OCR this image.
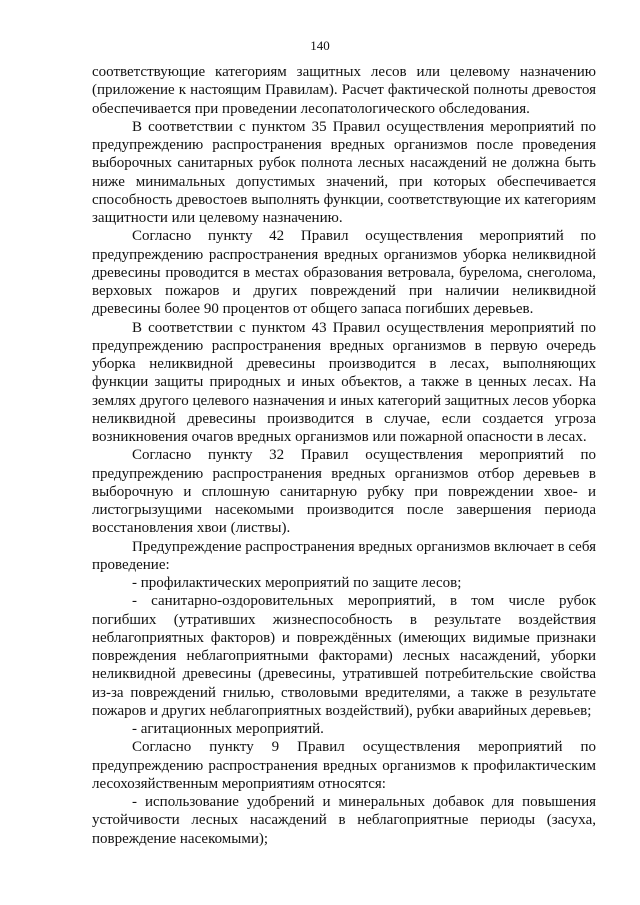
140

соответствующие категориям защитных лесов или целевому назначению (приложение к настоящим Правилам). Расчет фактической полноты древостоя обеспечивается при проведении лесопатологического обследования.

В соответствии с пунктом 35 Правил осуществления мероприятий по предупреждению распространения вредных организмов после проведения выборочных санитарных рубок полнота лесных насаждений не должна быть ниже минимальных допустимых значений, при которых обеспечивается способность древостоев выполнять функции, соответствующие их категориям защитности или целевому назначению.

Согласно пункту 42 Правил осуществления мероприятий по предупреждению распространения вредных организмов уборка неликвидной древесины проводится в местах образования ветровала, бурелома, снеголома, верховых пожаров и других повреждений при наличии неликвидной древесины более 90 процентов от общего запаса погибших деревьев.

В соответствии с пунктом 43 Правил осуществления мероприятий по предупреждению распространения вредных организмов в первую очередь уборка неликвидной древесины производится в лесах, выполняющих функции защиты природных и иных объектов, а также в ценных лесах. На землях другого целевого назначения и иных категорий защитных лесов уборка неликвидной древесины производится в случае, если создается угроза возникновения очагов вредных организмов или пожарной опасности в лесах.

Согласно пункту 32 Правил осуществления мероприятий по предупреждению распространения вредных организмов отбор деревьев в выборочную и сплошную санитарную рубку при повреждении хвое- и листогрызущими насекомыми производится после завершения периода восстановления хвои (листвы).

Предупреждение распространения вредных организмов включает в себя проведение:

- профилактических мероприятий по защите лесов;

- санитарно-оздоровительных мероприятий, в том числе рубок погибших (утративших жизнеспособность в результате воздействия неблагоприятных факторов) и повреждённых (имеющих видимые признаки повреждения неблагоприятными факторами) лесных насаждений, уборки неликвидной древесины (древесины, утратившей потребительские свойства из-за повреждений гнилью, стволовыми вредителями, а также в результате пожаров и других неблагоприятных воздействий), рубки аварийных деревьев;

- агитационных мероприятий.

Согласно пункту 9 Правил осуществления мероприятий по предупреждению распространения вредных организмов к профилактическим лесохозяйственным мероприятиям относятся:

- использование удобрений и минеральных добавок для повышения устойчивости лесных насаждений в неблагоприятные периоды (засуха, повреждение насекомыми);
